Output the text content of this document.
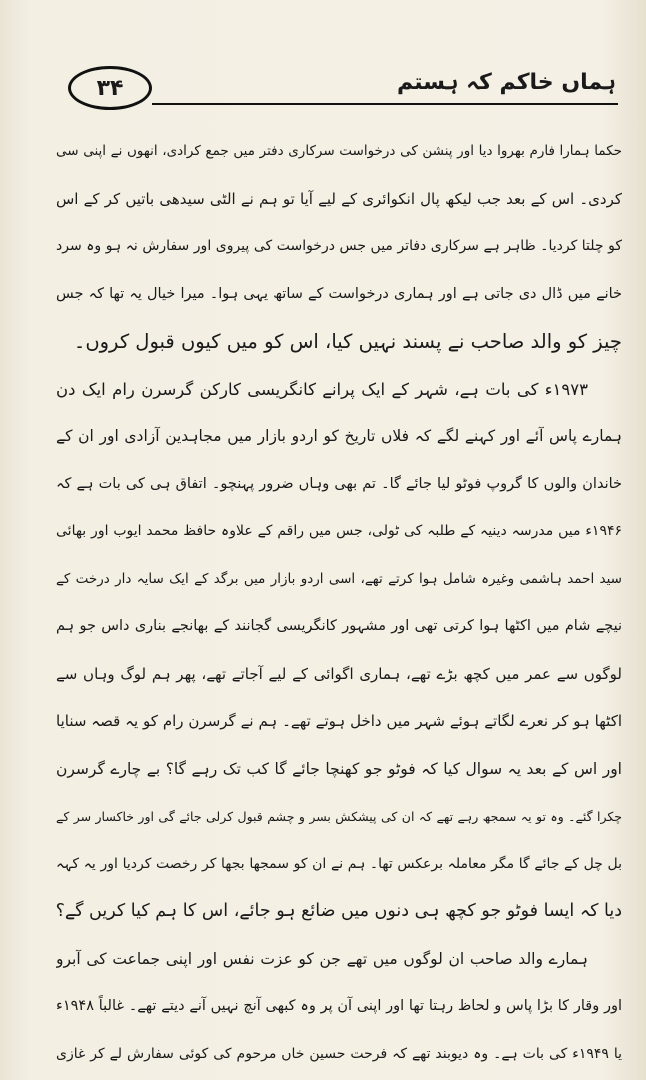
۳۴	ہماں خاکم کہ ہستم
حکما ہمارا فارم بھروا دیا اور پنشن کی درخواست سرکاری دفتر میں جمع کرادی، انھوں نے اپنی سی
کردی۔ اس کے بعد جب لیکھ پال انکوائری کے لیے آیا تو ہم نے الٹی سیدھی باتیں کر کے اس
کو چلتا کردیا۔ ظاہر ہے سرکاری دفاتر میں جس درخواست کی پیروی اور سفارش نہ ہو وہ سرد
خانے میں ڈال دی جاتی ہے اور ہماری درخواست کے ساتھ یہی ہوا۔ میرا خیال یہ تھا کہ جس
چیز کو والد صاحب نے پسند نہیں کیا، اس کو میں کیوں قبول کروں۔
۱۹۷۳ء کی بات ہے، شہر کے ایک پرانے کانگریسی کارکن گرسرن رام ایک دن
ہمارے پاس آئے اور کہنے لگے کہ فلاں تاریخ کو اردو بازار میں مجاہدین آزادی اور ان کے
خاندان والوں کا گروپ فوٹو لیا جائے گا۔ تم بھی وہاں ضرور پہنچو۔ اتفاق ہی کی بات ہے کہ
۱۹۴۶ء میں مدرسہ دینیہ کے طلبہ کی ٹولی، جس میں راقم کے علاوہ حافظ محمد ایوب اور بھائی
سید احمد ہاشمی وغیرہ شامل ہوا کرتے تھے، اسی اردو بازار میں برگد کے ایک سایہ دار درخت کے
نیچے شام میں اکٹھا ہوا کرتی تھی اور مشہور کانگریسی گجانند کے بھانجے بناری داس جو ہم
لوگوں سے عمر میں کچھ بڑے تھے، ہماری اگوائی کے لیے آجاتے تھے، پھر ہم لوگ وہاں سے
اکٹھا ہو کر نعرے لگاتے ہوئے شہر میں داخل ہوتے تھے۔ ہم نے گرسرن رام کو یہ قصہ سنایا
اور اس کے بعد یہ سوال کیا کہ فوٹو جو کھنچا جائے گا کب تک رہے گا؟ بے چارے گرسرن
چکرا گئے۔ وہ تو یہ سمجھ رہے تھے کہ ان کی پیشکش بسر و چشم قبول کرلی جائے گی اور خاکسار سر کے
بل چل کے جائے گا مگر معاملہ برعکس تھا۔ ہم نے ان کو سمجھا بجھا کر رخصت کردیا اور یہ کہہ
دیا کہ ایسا فوٹو جو کچھ ہی دنوں میں ضائع ہو جائے، اس کا ہم کیا کریں گے؟
ہمارے والد صاحب ان لوگوں میں تھے جن کو عزت نفس اور اپنی جماعت کی آبرو
اور وقار کا بڑا پاس و لحاظ رہتا تھا اور اپنی آن پر وہ کبھی آنچ نہیں آنے دیتے تھے۔ غالباً ۱۹۴۸ء
یا ۱۹۴۹ء کی بات ہے۔ وہ دیوبند تھے کہ فرحت حسین خاں مرحوم کی کوئی سفارش لے کر غازی
